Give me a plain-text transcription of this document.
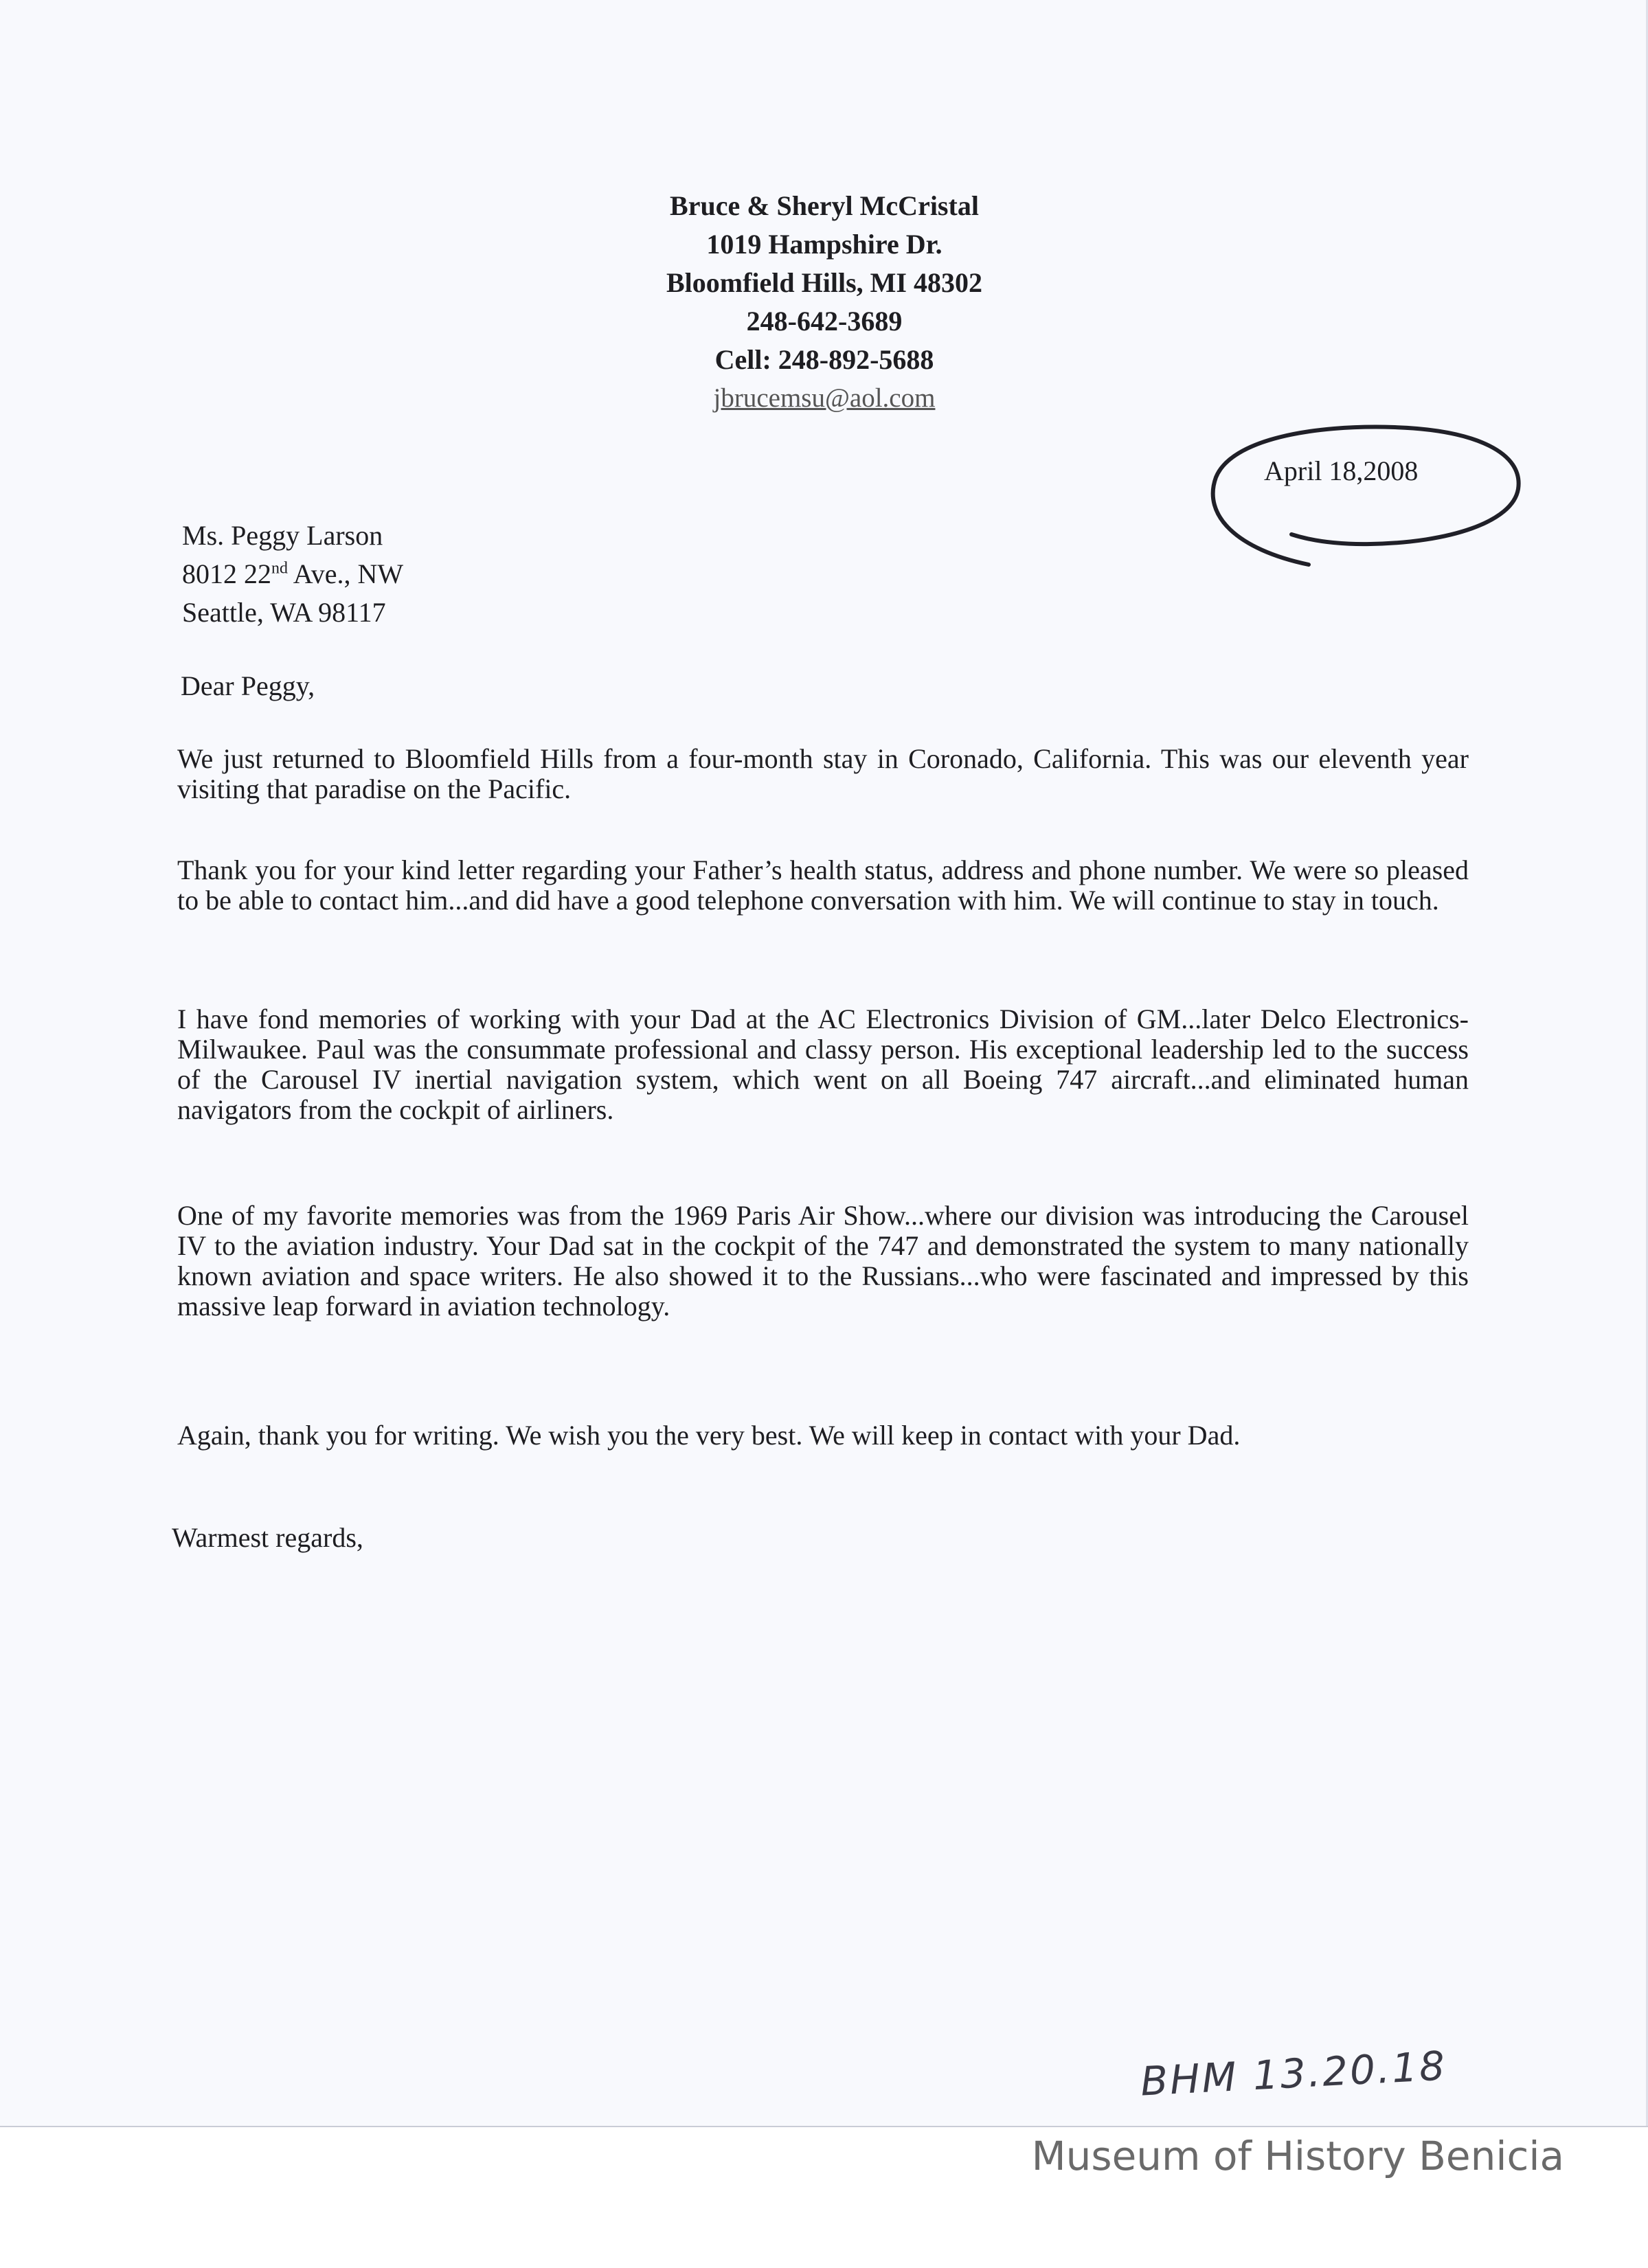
Bruce & Sheryl McCristal
1019 Hampshire Dr.
Bloomfield Hills, MI 48302
248-642-3689
Cell: 248-892-5688
jbrucemsu@aol.com
April 18,2008
Ms. Peggy Larson
8012 22nd Ave., NW
Seattle, WA 98117
Dear Peggy,
We just returned to Bloomfield Hills from a four-month stay in Coronado, California. This was our eleventh year visiting that paradise on the Pacific.
Thank you for your kind letter regarding your Father’s health status, address and phone number. We were so pleased to be able to contact him...and did have a good telephone conversation with him. We will continue to stay in touch.
I have fond memories of working with your Dad at the AC Electronics Division of GM...later Delco Electronics-Milwaukee. Paul was the consummate professional and classy person. His exceptional leadership led to the success of the Carousel IV inertial navigation system, which went on all Boeing 747 aircraft...and eliminated human navigators from the cockpit of airliners.
One of my favorite memories was from the 1969 Paris Air Show...where our division was introducing the Carousel IV to the aviation industry. Your Dad sat in the cockpit of the 747 and demonstrated the system to many nationally known aviation and space writers. He also showed it to the Russians...who were fascinated and impressed by this massive leap forward in aviation technology.
Again, thank you for writing. We wish you the very best. We will keep in contact with your Dad.
Warmest regards,
BHM 13.20.18
Museum of History Benicia
